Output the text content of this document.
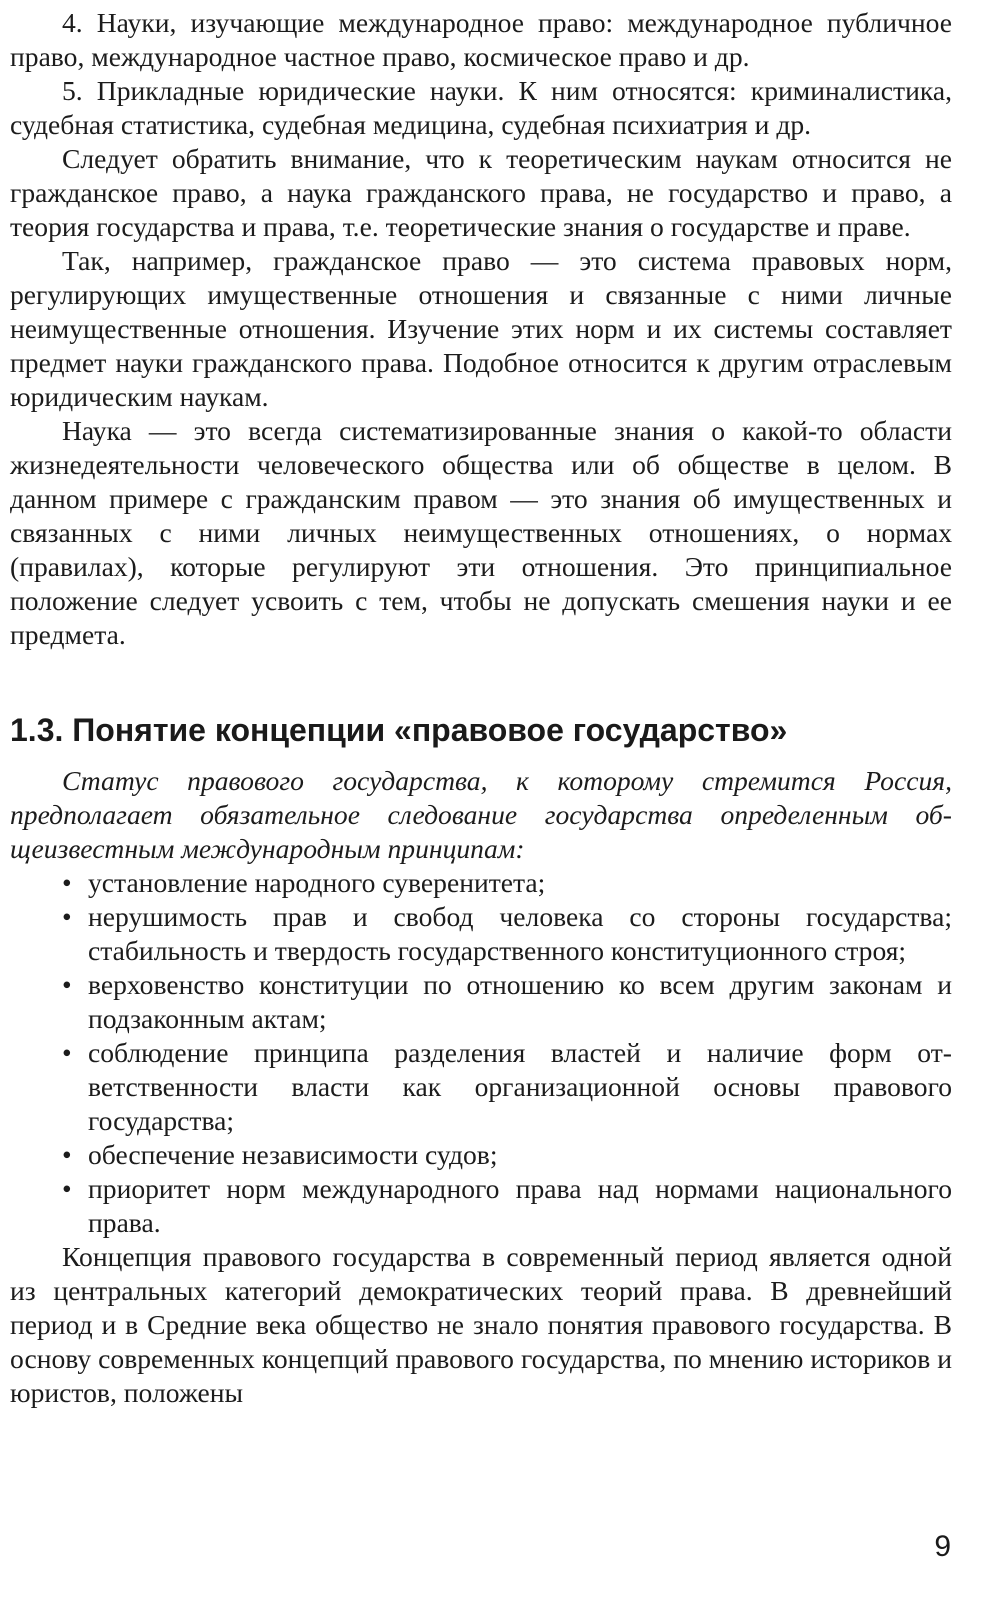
4. Науки, изучающие международное право: международное публичное право, международное частное право, космическое право и др.

5. Прикладные юридические науки. К ним относятся: криминалистика, судебная статистика, судебная медицина, судебная психиатрия и др.

Следует обратить внимание, что к теоретическим наукам относится не гражданское право, а наука гражданского права, не государство и право, а теория государства и права, т.е. теоретические знания о государстве и праве.

Так, например, гражданское право — это система правовых норм, регулирующих имущественные отношения и связанные с ними личные неимущественные отношения. Изучение этих норм и их системы составляет предмет науки гражданского права. Подобное относится к другим отраслевым юридическим наукам.

Наука — это всегда систематизированные знания о какой-то области жизнедеятельности человеческого общества или об обществе в целом. В данном примере с гражданским правом — это знания об имущественных и связанных с ними личных неимущественных отношениях, о нормах (правилах), которые регулируют эти отношения. Это принципиальное положение следует усвоить с тем, чтобы не допускать смешения науки и ее предмета.

1.3. Понятие концепции «правовое государство»

Статус правового государства, к которому стремится Россия, предполагает обязательное следование государства определенным общеизвестным международным принципам:

• установление народного суверенитета;
• нерушимость прав и свобод человека со стороны государства; стабильность и твердость государственного конституционного строя;
• верховенство конституции по отношению ко всем другим законам и подзаконным актам;
• соблюдение принципа разделения властей и наличие форм ответственности власти как организационной основы правового государства;
• обеспечение независимости судов;
• приоритет норм международного права над нормами национального права.

Концепция правового государства в современный период является одной из центральных категорий демократических теорий права. В древнейший период и в Средние века общество не знало понятия правового государства. В основу современных концепций правового государства, по мнению историков и юристов, положены

9
